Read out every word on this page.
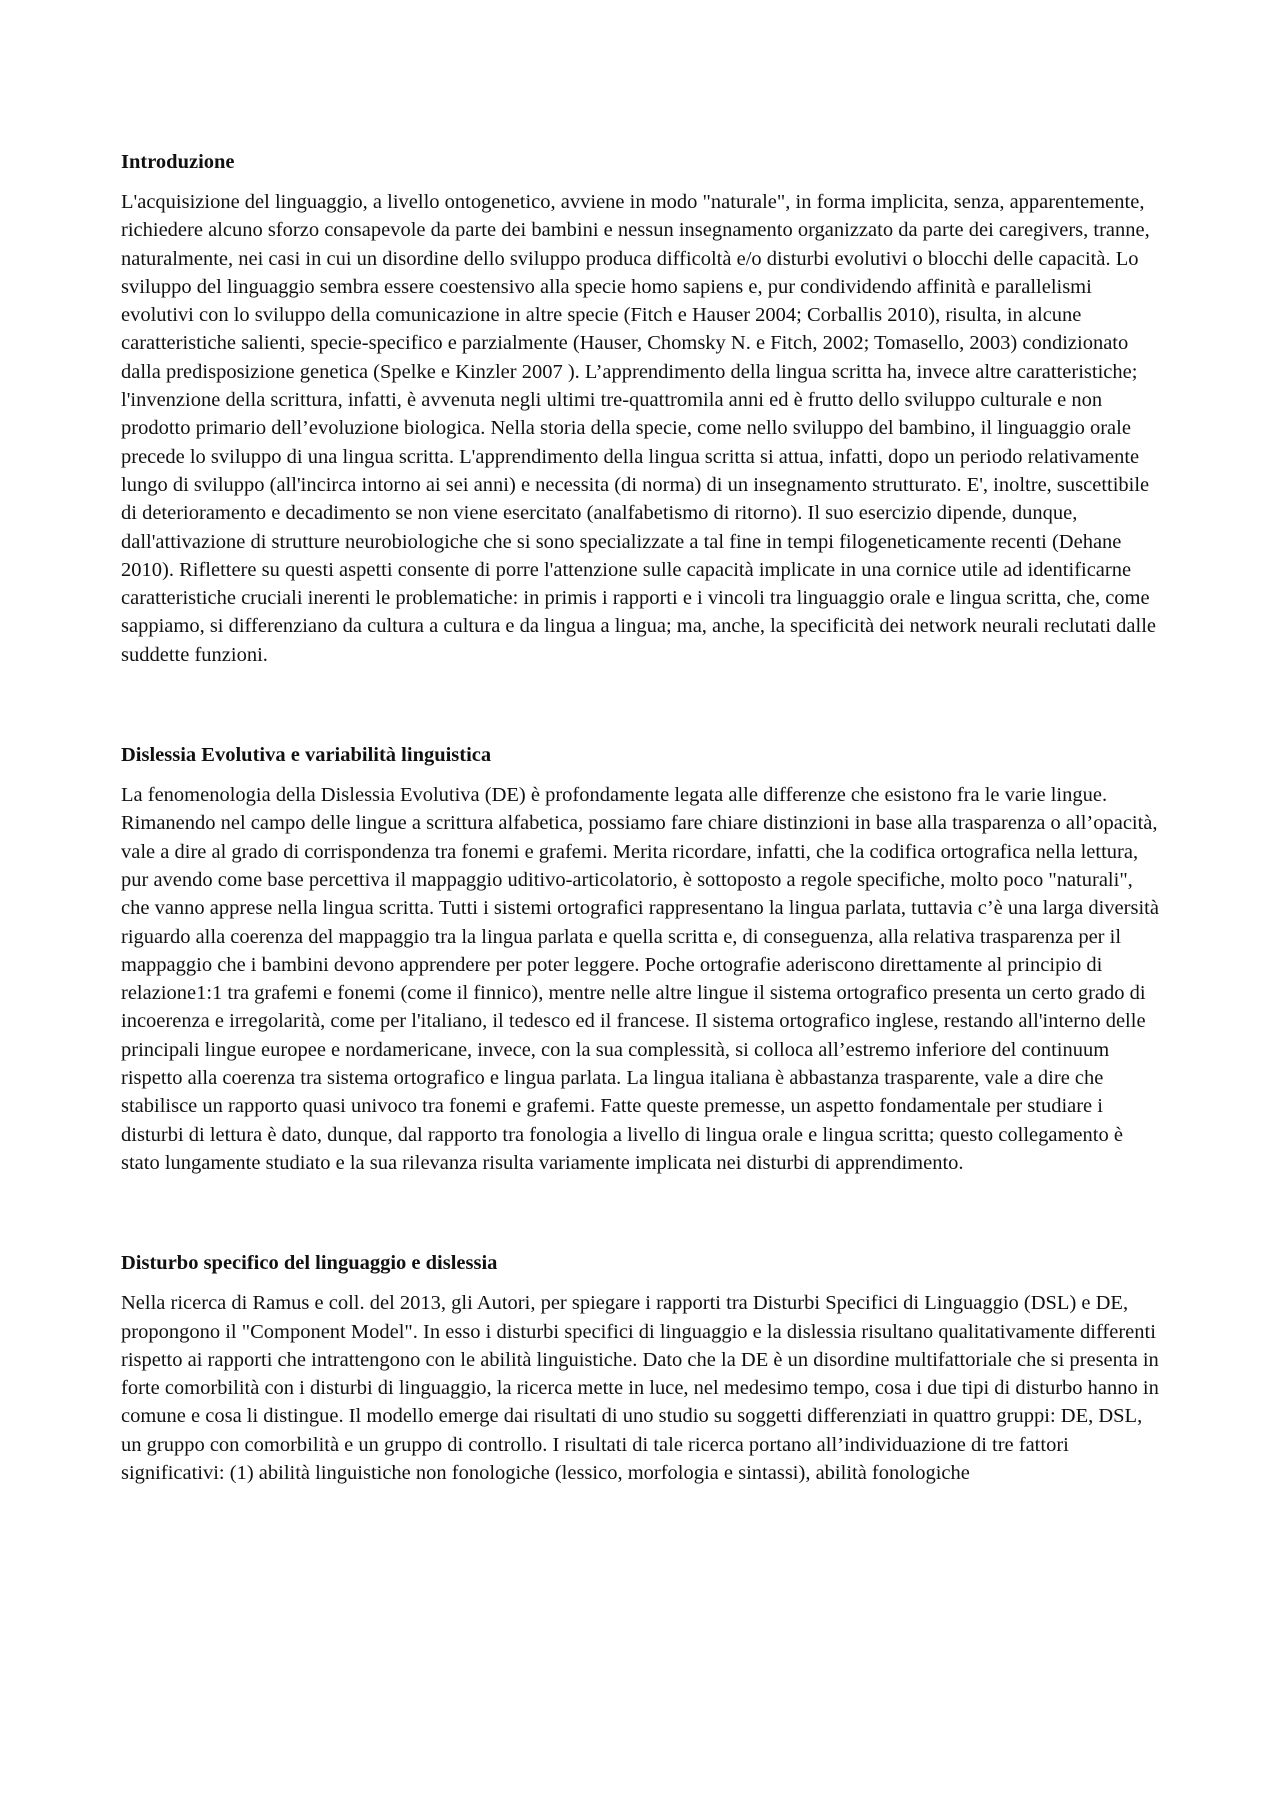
Introduzione

L'acquisizione del linguaggio, a livello ontogenetico, avviene in modo "naturale", in forma implicita, senza, apparentemente, richiedere alcuno sforzo consapevole da parte dei bambini e nessun insegnamento organizzato da parte dei caregivers, tranne, naturalmente, nei casi in cui un disordine dello sviluppo produca difficoltà e/o disturbi evolutivi o blocchi delle capacità. Lo sviluppo del linguaggio sembra essere coestensivo alla specie homo sapiens e, pur condividendo affinità e parallelismi evolutivi con lo sviluppo della comunicazione in altre specie (Fitch e Hauser 2004; Corballis 2010), risulta, in alcune caratteristiche salienti, specie-specifico e parzialmente (Hauser, Chomsky N. e Fitch, 2002; Tomasello, 2003) condizionato dalla predisposizione genetica (Spelke e Kinzler 2007 ). L’apprendimento della lingua scritta ha, invece altre caratteristiche; l'invenzione della scrittura, infatti, è avvenuta negli ultimi tre-quattromila anni ed è frutto dello sviluppo culturale e non prodotto primario dell’evoluzione biologica. Nella storia della specie, come nello sviluppo del bambino, il linguaggio orale precede lo sviluppo di una lingua scritta. L'apprendimento della lingua scritta si attua, infatti, dopo un periodo relativamente lungo di sviluppo (all'incirca intorno ai sei anni) e necessita (di norma) di un insegnamento strutturato. E', inoltre, suscettibile di deterioramento e decadimento se non viene esercitato (analfabetismo di ritorno). Il suo esercizio dipende, dunque, dall'attivazione di strutture neurobiologiche che si sono specializzate a tal fine in tempi filogeneticamente recenti (Dehane 2010). Riflettere su questi aspetti consente di porre l'attenzione sulle capacità implicate in una cornice utile ad identificarne caratteristiche cruciali inerenti le problematiche: in primis i rapporti e i vincoli tra linguaggio orale e lingua scritta, che, come sappiamo, si differenziano da cultura a cultura e da lingua a lingua; ma, anche, la specificità dei network neurali reclutati dalle suddette funzioni.

Dislessia Evolutiva e variabilità linguistica

La fenomenologia della Dislessia Evolutiva (DE) è profondamente legata alle differenze che esistono fra le varie lingue. Rimanendo nel campo delle lingue a scrittura alfabetica, possiamo fare chiare distinzioni in base alla trasparenza o all’opacità, vale a dire al grado di corrispondenza tra fonemi e grafemi. Merita ricordare, infatti, che la codifica ortografica nella lettura, pur avendo come base percettiva il mappaggio uditivo-articolatorio, è sottoposto a regole specifiche, molto poco "naturali", che vanno apprese nella lingua scritta. Tutti i sistemi ortografici rappresentano la lingua parlata, tuttavia c’è una larga diversità riguardo alla coerenza del mappaggio tra la lingua parlata e quella scritta e, di conseguenza, alla relativa trasparenza per il mappaggio che i bambini devono apprendere per poter leggere. Poche ortografie aderiscono direttamente al principio di relazione1:1 tra grafemi e fonemi (come il finnico), mentre nelle altre lingue il sistema ortografico presenta un certo grado di incoerenza e irregolarità, come per l'italiano, il tedesco ed il francese. Il sistema ortografico inglese, restando all'interno delle principali lingue europee e nordamericane, invece, con la sua complessità, si colloca all’estremo inferiore del continuum rispetto alla coerenza tra sistema ortografico e lingua parlata. La lingua italiana è abbastanza trasparente, vale a dire che stabilisce un rapporto quasi univoco tra fonemi e grafemi. Fatte queste premesse, un aspetto fondamentale per studiare i disturbi di lettura è dato, dunque, dal rapporto tra fonologia a livello di lingua orale e lingua scritta; questo collegamento è stato lungamente studiato e la sua rilevanza risulta variamente implicata nei disturbi di apprendimento.

Disturbo specifico del linguaggio e dislessia

Nella ricerca di Ramus e coll. del 2013, gli Autori, per spiegare i rapporti tra Disturbi Specifici di Linguaggio (DSL) e DE, propongono il "Component Model". In esso i disturbi specifici di linguaggio e la dislessia risultano qualitativamente differenti rispetto ai rapporti che intrattengono con le abilità linguistiche. Dato che la DE è un disordine multifattoriale che si presenta in forte comorbilità con i disturbi di linguaggio, la ricerca mette in luce, nel medesimo tempo, cosa i due tipi di disturbo hanno in comune e cosa li distingue. Il modello emerge dai risultati di uno studio su soggetti differenziati in quattro gruppi: DE, DSL, un gruppo con comorbilità e un gruppo di controllo. I risultati di tale ricerca portano all’individuazione di tre fattori significativi: (1) abilità linguistiche non fonologiche (lessico, morfologia e sintassi), abilità fonologiche
